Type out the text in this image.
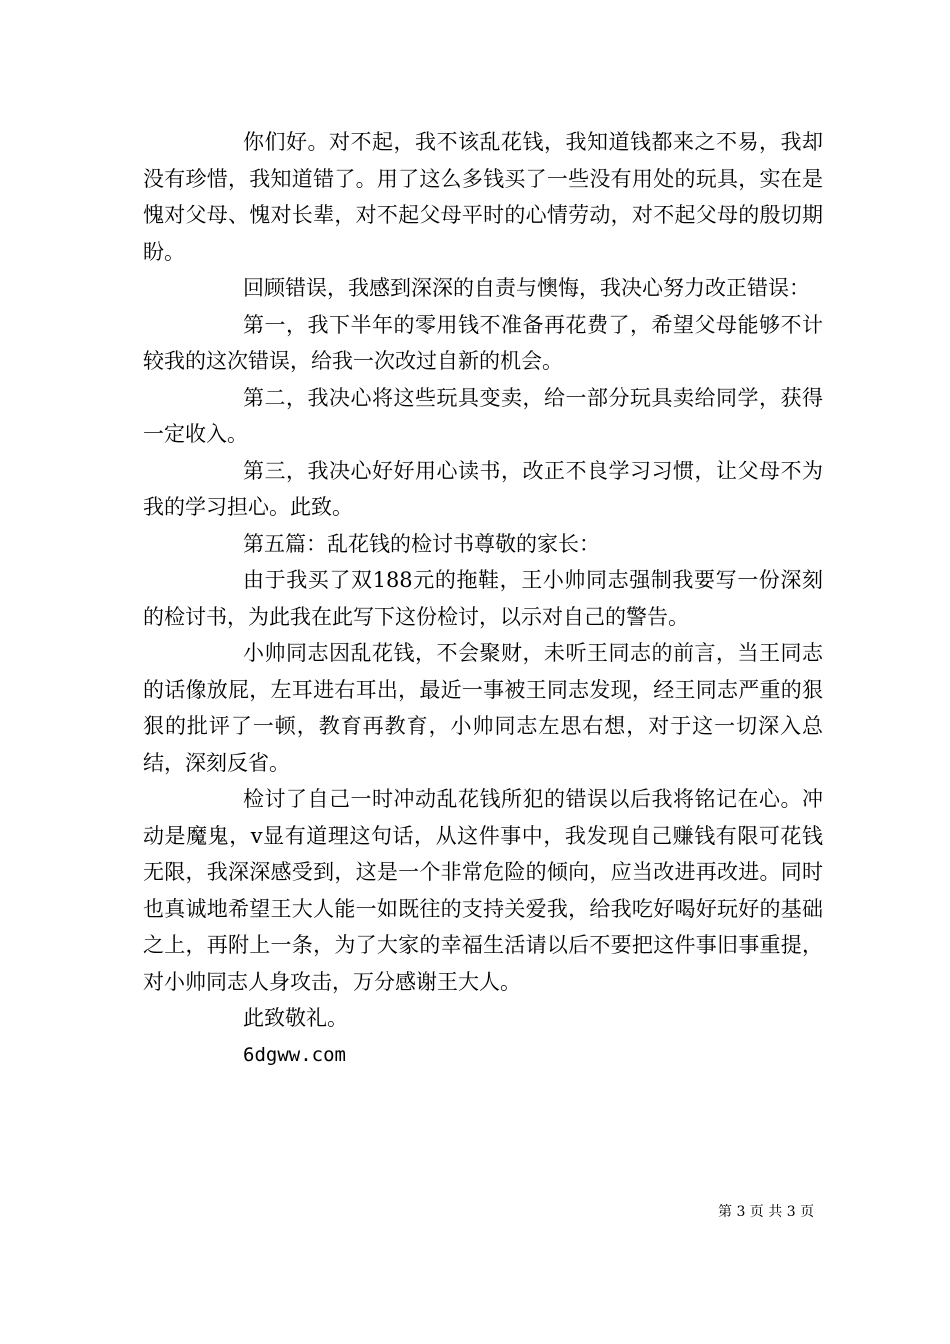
你们好。对不起，我不该乱花钱，我知道钱都来之不易，我却没有珍惜，我知道错了。用了这么多钱买了一些没有用处的玩具，实在是愧对父母、愧对长辈，对不起父母平时的心情劳动，对不起父母的殷切期盼。

回顾错误，我感到深深的自责与懊悔，我决心努力改正错误：

第一，我下半年的零用钱不准备再花费了，希望父母能够不计较我的这次错误，给我一次改过自新的机会。

第二，我决心将这些玩具变卖，给一部分玩具卖给同学，获得一定收入。

第三，我决心好好用心读书，改正不良学习习惯，让父母不为我的学习担心。此致。

第五篇：乱花钱的检讨书尊敬的家长：

由于我买了双188元的拖鞋，王小帅同志强制我要写一份深刻的检讨书，为此我在此写下这份检讨，以示对自己的警告。

小帅同志因乱花钱，不会聚财，未听王同志的前言，当王同志的话像放屁，左耳进右耳出，最近一事被王同志发现，经王同志严重的狠狠的批评了一顿，教育再教育，小帅同志左思右想，对于这一切深入总结，深刻反省。

检讨了自己一时冲动乱花钱所犯的错误以后我将铭记在心。冲动是魔鬼，v显有道理这句话，从这件事中，我发现自己赚钱有限可花钱无限，我深深感受到，这是一个非常危险的倾向，应当改进再改进。同时也真诚地希望王大人能一如既往的支持关爱我，给我吃好喝好玩好的基础之上，再附上一条，为了大家的幸福生活请以后不要把这件事旧事重提，对小帅同志人身攻击，万分感谢王大人。

此致敬礼。

6dgww.com

第 3 页 共 3 页
